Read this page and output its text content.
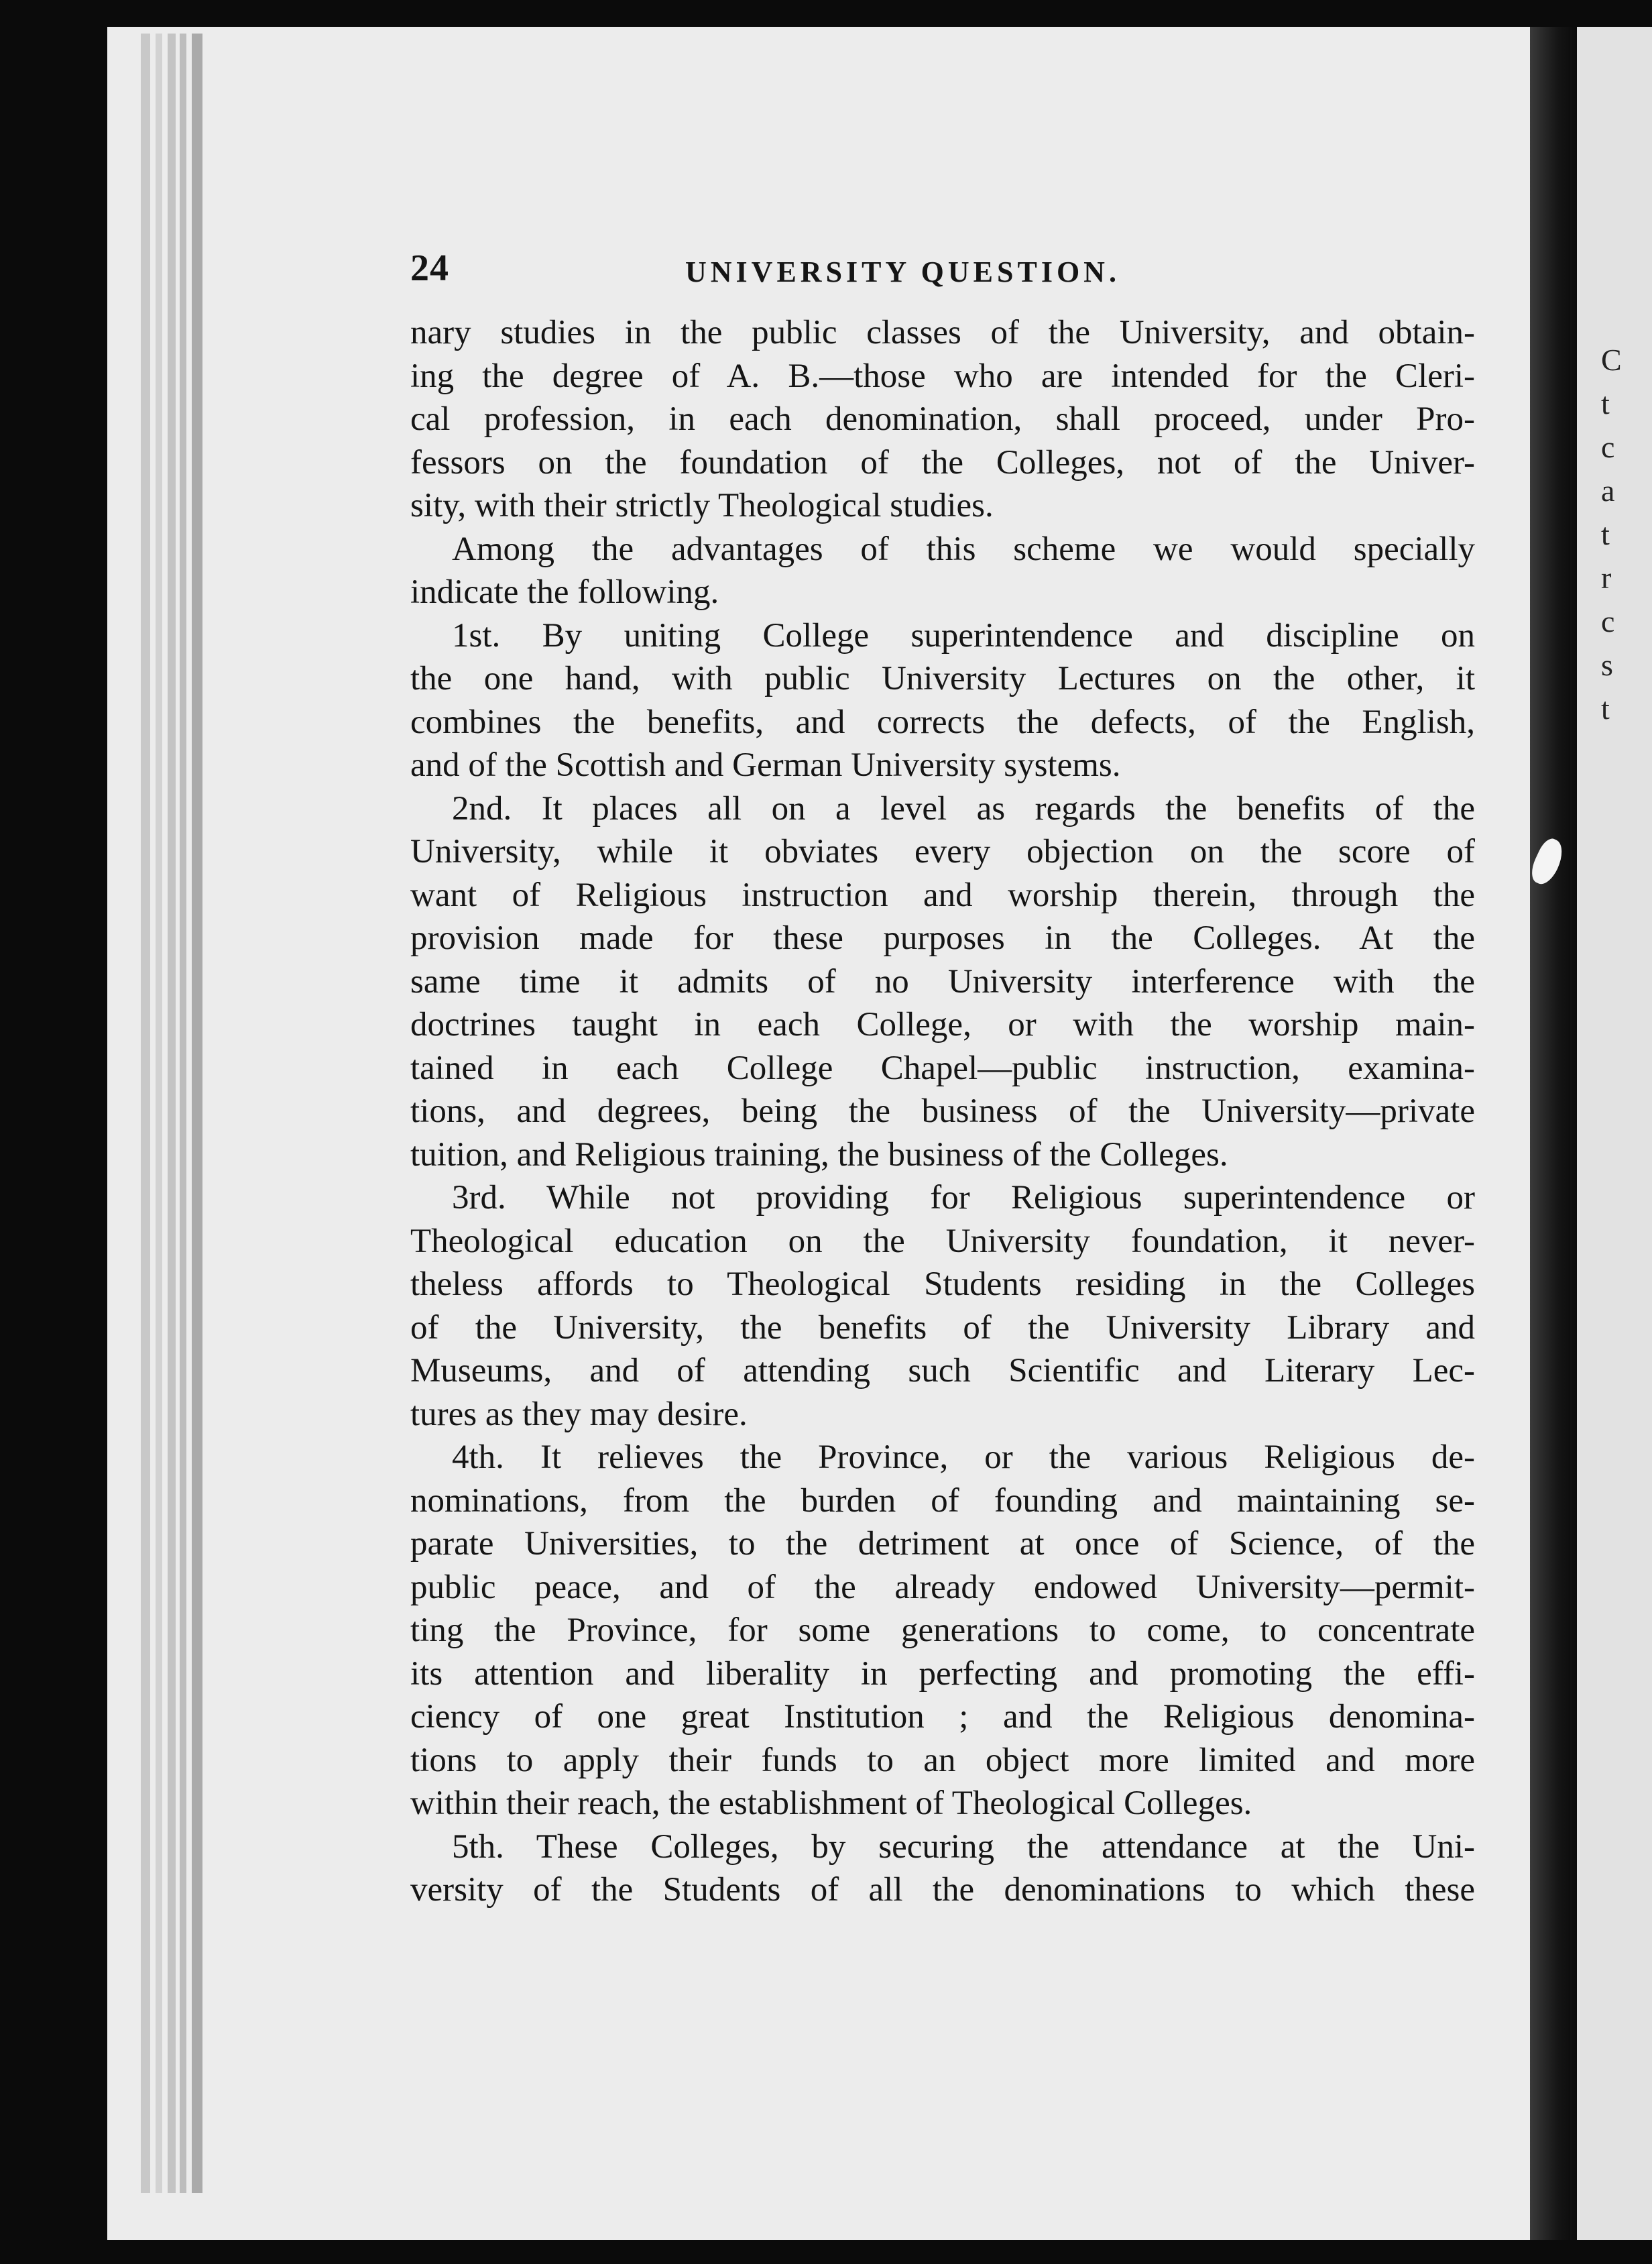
C
t
c
a
t
r
c
s
t
24	UNIVERSITY QUESTION.
nary studies in the public classes of the University, and obtain-
ing the degree of A. B.—those who are intended for the Cleri-
cal profession, in each denomination, shall proceed, under Pro-
fessors on the foundation of the Colleges, not of the Univer-
sity, with their strictly Theological studies.
Among the advantages of this scheme we would specially
indicate the following.
1st. By uniting College superintendence and discipline on
the one hand, with public University Lectures on the other, it
combines the benefits, and corrects the defects, of the English,
and of the Scottish and German University systems.
2nd. It places all on a level as regards the benefits of the
University, while it obviates every objection on the score of
want of Religious instruction and worship therein, through the
provision made for these purposes in the Colleges. At the
same time it admits of no University interference with the
doctrines taught in each College, or with the worship main-
tained in each College Chapel—public instruction, examina-
tions, and degrees, being the business of the University—private
tuition, and Religious training, the business of the Colleges.
3rd. While not providing for Religious superintendence or
Theological education on the University foundation, it never-
theless affords to Theological Students residing in the Colleges
of the University, the benefits of the University Library and
Museums, and of attending such Scientific and Literary Lec-
tures as they may desire.
4th. It relieves the Province, or the various Religious de-
nominations, from the burden of founding and maintaining se-
parate Universities, to the detriment at once of Science, of the
public peace, and of the already endowed University—permit-
ting the Province, for some generations to come, to concentrate
its attention and liberality in perfecting and promoting the effi-
ciency of one great Institution ; and the Religious denomina-
tions to apply their funds to an object more limited and more
within their reach, the establishment of Theological Colleges.
5th. These Colleges, by securing the attendance at the Uni-
versity of the Students of all the denominations to which these
